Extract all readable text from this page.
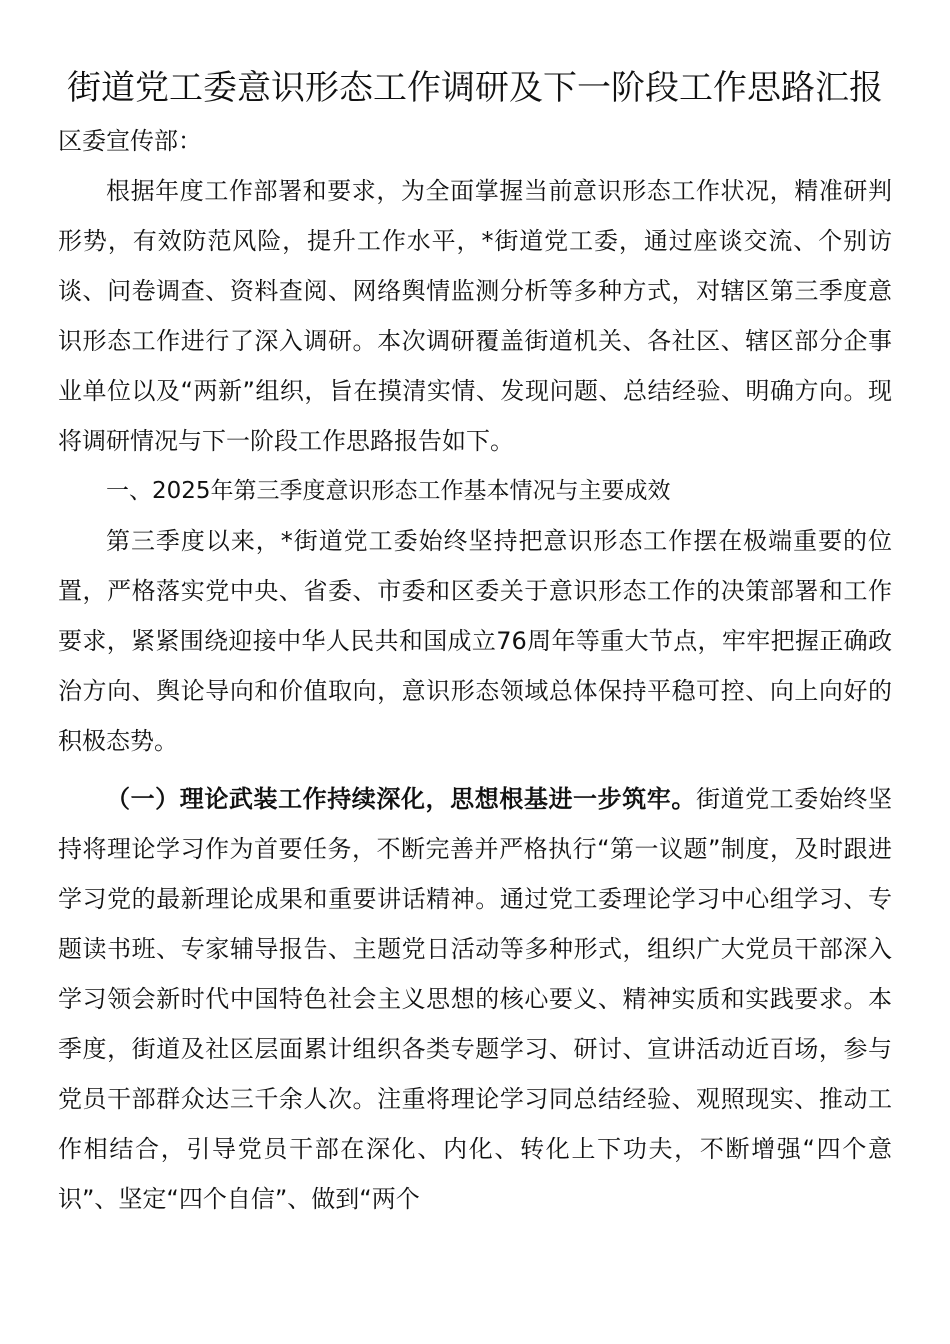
街道党工委意识形态工作调研及下一阶段工作思路汇报

区委宣传部：

根据年度工作部署和要求，为全面掌握当前意识形态工作状况，精准研判形势，有效防范风险，提升工作水平，*街道党工委，通过座谈交流、个别访谈、问卷调查、资料查阅、网络舆情监测分析等多种方式，对辖区第三季度意识形态工作进行了深入调研。本次调研覆盖街道机关、各社区、辖区部分企事业单位以及“两新”组织，旨在摸清实情、发现问题、总结经验、明确方向。现将调研情况与下一阶段工作思路报告如下。

一、2025年第三季度意识形态工作基本情况与主要成效

第三季度以来，*街道党工委始终坚持把意识形态工作摆在极端重要的位置，严格落实党中央、省委、市委和区委关于意识形态工作的决策部署和工作要求，紧紧围绕迎接中华人民共和国成立76周年等重大节点，牢牢把握正确政治方向、舆论导向和价值取向，意识形态领域总体保持平稳可控、向上向好的积极态势。

（一）理论武装工作持续深化，思想根基进一步筑牢。街道党工委始终坚持将理论学习作为首要任务，不断完善并严格执行“第一议题”制度，及时跟进学习党的最新理论成果和重要讲话精神。通过党工委理论学习中心组学习、专题读书班、专家辅导报告、主题党日活动等多种形式，组织广大党员干部深入学习领会新时代中国特色社会主义思想的核心要义、精神实质和实践要求。本季度，街道及社区层面累计组织各类专题学习、研讨、宣讲活动近百场，参与党员干部群众达三千余人次。注重将理论学习同总结经验、观照现实、推动工作相结合，引导党员干部在深化、内化、转化上下功夫，不断增强“四个意识”、坚定“四个自信”、做到“两个
